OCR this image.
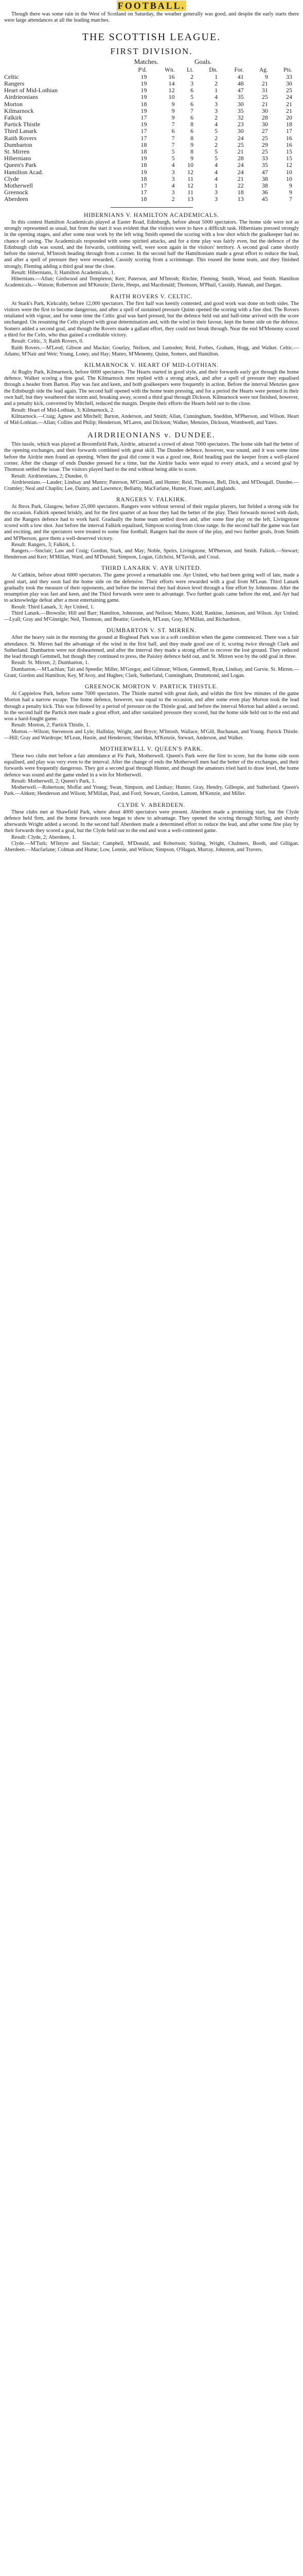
FOOTBALL.

Though there was some rain in the West of Scotland on Saturday, the weather generally was good, and despite the early starts there were large attendances at all the leading matches.

THE SCOTTISH LEAGUE.
FIRST DIVISION.
Matches.	Goals.
	P'd.	Wn.	Lt.	Dn.	For.	Ag.	Pts.
Celtic	19	16	2	1	41	9	33
Rangers	19	14	3	2	48	21	30
Heart of Mid-Lothian	19	12	6	1	47	31	25
Airdrieonians	19	10	5	4	35	25	24
Morton	18	9	6	3	30	21	21
Kilmarnock	19	9	7	3	35	30	21
Falkirk	17	9	6	2	32	28	20
Partick Thistle	19	7	8	4	23	30	18
Third Lanark	17	6	6	5	30	27	17
Raith Rovers	17	7	8	2	24	25	16
Dumbarton	18	7	9	2	25	29	16
St. Mirren	18	5	8	5	21	25	15
Hibernians	19	5	9	5	28	33	15
Queen's Park	18	4	10	4	24	35	12
Hamilton Acad.	19	3	12	4	24	47	10
Clyde	18	3	11	4	21	38	10
Motherwell	17	4	12	1	22	38	9
Greenock	17	3	11	3	18	36	9
Aberdeen	18	2	13	3	13	45	7
HIBERNIANS V. HAMILTON ACADEMICALS.

In this contest Hamilton Academicals played at Easter Road, Edinburgh, before about 5000 spectators. The home side were not as strongly represented as usual, but from the start it was evident that the visitors were to have a difficult task. Hibernians pressed strongly in the opening stages, and after some neat work by the left wing Smith opened the scoring with a low shot which the goalkeeper had no chance of saving. The Academicals responded with some spirited attacks, and for a time play was fairly even, but the defence of the Edinburgh club was sound, and the forwards, combining well, were soon again in the visitors' territory. A second goal came shortly before the interval, M'Intosh heading through from a corner. In the second half the Hamiltonians made a great effort to reduce the lead, and after a spell of pressure they were rewarded, Cassidy scoring from a scrimmage. This roused the home team, and they finished strongly, Fleming adding a third goal near the close.

Result: Hibernians, 3; Hamilton Academicals, 1.

Hibernians.—Allan; Girdwood and Templeton; Kerr, Paterson, and M'Intosh; Ritchie, Fleming, Smith, Wood, and Smith. Hamilton Academicals.—Watson; Robertson and M'Kenzie; Davie, Heeps, and Macdonald; Thomson, M'Phail, Cassidy, Hannah, and Dargan.

RAITH ROVERS V. CELTIC.

At Stark's Park, Kirkcaldy, before 12,000 spectators. The first half was keenly contested, and good work was done on both sides. The visitors were the first to become dangerous, and after a spell of sustained pressure Quinn opened the scoring with a fine shot. The Rovers retaliated with vigour, and for some time the Celtic goal was hard pressed, but the defence held out and half-time arrived with the score unchanged. On resuming the Celts played with great determination and, with the wind in their favour, kept the home side on the defence. Somers added a second goal, and though the Rovers made a gallant effort, they could not break through. Near the end M'Menemy scored a third for the Celts, who thus gained a creditable victory.

Result: Celtic, 3; Raith Rovers, 0.

Raith Rovers.—M'Leod; Gibson and Mackie; Gourlay, Neilson, and Lumsden; Reid, Forbes, Graham, Hogg, and Walker. Celtic.—Adams; M'Nair and Weir; Young, Loney, and Hay; Munro, M'Menemy, Quinn, Somers, and Hamilton.

KILMARNOCK V. HEART OF MID-LOTHIAN.

At Rugby Park, Kilmarnock, before 6000 spectators. The Hearts started in good style, and their forwards early got through the home defence, Walker scoring a fine goal. The Kilmarnock men replied with a strong attack, and after a spell of pressure they equalised through a header from Barton. Play was fast and keen, and both goalkeepers were frequently in action. Before the interval Menzies gave the Edinburgh side the lead again. The second half opened with the home team pressing, and for a period the Hearts were penned in their own half, but they weathered the storm and, breaking away, scored a third goal through Dickson. Kilmarnock were not finished, however, and a penalty kick, converted by Mitchell, reduced the margin. Despite their efforts the Hearts held out to the close.

Result: Heart of Mid-Lothian, 3; Kilmarnock, 2.

Kilmarnock.—Craig; Agnew and Mitchell; Barton, Anderson, and Smith; Allan, Cunningham, Sneddon, M'Pherson, and Wilson. Heart of Mid-Lothian.—Allan; Collins and Philip; Henderson, M'Laren, and Dickson; Walker, Menzies, Dickson, Wombwell, and Yates.

AIRDRIEONIANS v. DUNDEE.

This tussle, which was played at Broomfield Park, Airdrie, attracted a crowd of about 7000 spectators. The home side had the better of the opening exchanges, and their forwards combined with great skill. The Dundee defence, however, was sound, and it was some time before the Airdrie men found an opening. When the goal did come it was a good one, Reid heading past the keeper from a well-placed corner. After the change of ends Dundee pressed for a time, but the Airdrie backs were equal to every attack, and a second goal by Thomson settled the issue. The visitors played hard to the end without being able to score.

Result: Airdrieonians, 2; Dundee, 0.

Airdrieonians.—Lauder; Lindsay and Munro; Paterson, M'Connell, and Hunter; Reid, Thomson, Bell, Dick, and M'Dougall. Dundee.—Crumley; Neal and Chaplin; Lee, Dainty, and Lawrence; Bellamy, MacFarlane, Hunter, Fraser, and Langlands.

RANGERS V. FALKIRK.

At Ibrox Park, Glasgow, before 25,000 spectators. Rangers were without several of their regular players, but fielded a strong side for the occasion. Falkirk opened briskly, and for the first quarter of an hour they had the better of the play. Their forwards moved with dash, and the Rangers defence had to work hard. Gradually the home team settled down and, after some fine play on the left, Livingstone scored with a low shot. Just before the interval Falkirk equalised, Simpson scoring from close range. In the second half the game was fast and exciting, and the spectators were treated to some fine football. Rangers had the more of the play, and two further goals, from Smith and M'Pherson, gave them a well-deserved victory.

Result: Rangers, 3; Falkirk, 1.

Rangers.—Sinclair; Law and Craig; Gordon, Stark, and May; Noble, Speirs, Livingstone, M'Pherson, and Smith. Falkirk.—Stewart; Henderson and Kerr; M'Millan, Ward, and M'Donald; Simpson, Logan, Gilchrist, M'Tavish, and Croal.

THIRD LANARK V. AYR UNITED.

At Cathkin, before about 6000 spectators. The game proved a remarkable one. Ayr United, who had been going well of late, made a good start, and they soon had the home side on the defensive. Their efforts were rewarded with a goal from M'Lean. Third Lanark gradually took the measure of their opponents, and before the interval they had drawn level through a fine effort by Johnstone. After the resumption play was fast and keen, and the Third forwards were seen to advantage. Two further goals came before the end, and Ayr had to acknowledge defeat after a most entertaining game.

Result: Third Lanark, 3; Ayr United, 1.

Third Lanark.—Brownlie; Hill and Barr; Hamilton, Johnstone, and Neilson; Munro, Kidd, Rankine, Jamieson, and Wilson. Ayr United.—Lyall; Gray and M'Ginnigle; Neil, Thomson, and Beattie; Goodwin, M'Lean, Gray, M'Millan, and Richardson.

DUMBARTON V. ST. MIRREN.

After the heavy rain in the morning the ground at Boghead Park was in a soft condition when the game commenced. There was a fair attendance. St. Mirren had the advantage of the wind in the first half, and they made good use of it, scoring twice through Clark and Sutherland. Dumbarton were not disheartened, and after the interval they made a strong effort to recover the lost ground. They reduced the lead through Gemmell, but though they continued to press, the Paisley defence held out, and St. Mirren won by the odd goal in three.

Result: St. Mirren, 2; Dumbarton, 1.

Dumbarton.—M'Lachlan; Tait and Speedie; Miller, M'Gregor, and Gilmour; Wilson, Gemmell, Ryan, Lindsay, and Garvie. St. Mirren.—Grant; Gordon and Hamilton; Key, M'Avoy, and Hughes; Clark, Sutherland, Cunningham, Drummond, and Logan.

GREENOCK MORTON V. PARTICK THISTLE.

At Cappielow Park, before some 7000 spectators. The Thistle started with great dash, and within the first few minutes of the game Morton had a narrow escape. The home defence, however, was equal to the occasion, and after some even play Morton took the lead through a penalty kick. This was followed by a period of pressure on the Thistle goal, and before the interval Morton had added a second. In the second half the Partick men made a great effort, and after sustained pressure they scored, but the home side held out to the end and won a hard-fought game.

Result: Morton, 2; Partick Thistle, 1.

Morton.—Wilson; Stevenson and Lyle; Halliday, Wright, and Bryce; M'Intosh, Wallace, M'Gill, Buchanan, and Young. Partick Thistle.—Hill; Gray and Wardrope; M'Lean, Hastie, and Henderson; Sheridan, M'Kenzie, Stewart, Anderson, and Walker.

MOTHERWELL V. QUEEN'S PARK.

These two clubs met before a fair attendance at Fir Park, Motherwell. Queen's Park were the first to score, but the home side soon equalised, and play was very even to the interval. After the change of ends the Motherwell men had the better of the exchanges, and their forwards were frequently dangerous. They got a second goal through Hunter, and though the amateurs tried hard to draw level, the home defence was sound and the game ended in a win for Motherwell.

Result: Motherwell, 2; Queen's Park, 1.

Motherwell.—Robertson; Moffat and Young; Swan, Simpson, and Lindsay; Hunter, Gray, Hendry, Gillespie, and Sutherland. Queen's Park.—Aitken; Henderson and Wilson; M'Millan, Paul, and Ford; Stewart, Gordon, Lamont, M'Kenzie, and Miller.

CLYDE V. ABERDEEN.

These clubs met at Shawfield Park, where about 4000 spectators were present. Aberdeen made a promising start, but the Clyde defence held firm, and the home forwards soon began to show to advantage. They opened the scoring through Stirling, and shortly afterwards Wright added a second. In the second half Aberdeen made a determined effort to reduce the lead, and after some fine play by their forwards they scored a goal, but the Clyde held out to the end and won a well-contested game.

Result: Clyde, 2; Aberdeen, 1.

Clyde.—M'Turk; M'Intyre and Sinclair; Campbell, M'Donald, and Robertson; Stirling, Wright, Chalmers, Booth, and Gilligan. Aberdeen.—Macfarlane; Colman and Hume; Low, Lennie, and Wilson; Simpson, O'Hagan, Murray, Johnston, and Travers.
